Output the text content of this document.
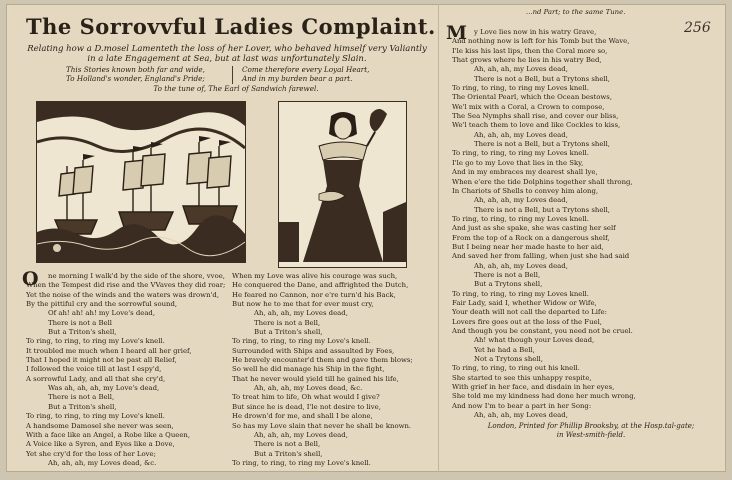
The Sorrovvful Ladies Complaint.
Relating how a D.mosel Lamenteth the loss of her Lover, who behaved himself very Valiantly in a late Engagement at Sea, but at last was unfortunately Slain.
This Stories known both far and wide,
To Holland's wonder, England's Pride;
Come therefore every Loyal Heart,
And in my burden bear a part.
To the tune of, The Earl of Sandwich farewel.
O	ne morning I walk'd by the side of the shore, vvoe,
When the Tempest did rise and the VVaves they did roar;
Yet the noise of the winds and the waters was drown'd,
By the pittiful cry and the sorrowful sound,
Of ah! ah! ah! my Love's dead,
There is not a Bell
But a Triton's shell,
To ring, to ring, to ring my Love's knell.
It troubled me much when I heard all her grief,
That I hoped it might not be past all Relief,
I followed the voice till at last I espy'd,
A sorrowful Lady, and all that she cry'd,
Was ah, ah, ah, my Love's dead,
There is not a Bell,
But a Triton's shell,
To ring, to ring, to ring my Love's knell.
A handsome Damosel she never was seen,
With a face like an Angel, a Robe like a Queen,
A Voice like a Syren, and Eyes like a Dove,
Yet she cry'd for the loss of her Love;
Ah, ah, ah, my Loves dead, &c.
When my Love was alive his courage was such,
He conquered the Dane, and affrighted the Dutch,
He feared no Cannon, nor e're turn'd his Back,
But now he to me that for ever must cry,
Ah, ah, ah, my Loves dead,
There is not a Bell,
But a Triton's shell,
To ring, to ring, to ring my Love's knell.
Surrounded with Ships and assaulted by Foes,
He bravely encounter'd them and gave them blows;
So well he did manage his Ship in the fight,
That he never would yield till he gained his life,
Ah, ah, ah, my Loves dead, &c.
To treat him to life, Oh what would I give?
But since he is dead, I'le not desire to live,
He drown'd for me, and shall I be alone,
So has my Love slain that never he shall be known.
Ah, ah, ah, my Loves dead,
There is not a Bell,
But a Triton's shell,
To ring, to ring, to ring my Love's knell.
...nd Part; to the same Tune.
256
M	y Love lies now in his watry Grave,
And nothing now is left for his Tomb but the Wave,
I'le kiss his last lips, then the Coral more so,
That grows where he lies in his watry Bed,
Ah, ah, ah, my Loves dead,
There is not a Bell, but a Trytons shell,
To ring, to ring, to ring my Loves knell.
The Oriental Pearl, which the Ocean bestows,
We'l mix with a Coral, a Crown to compose,
The Sea Nymphs shall rise, and cover our bliss,
We'l teach them to love and like Cockles to kiss,
Ah, ah, ah, my Loves dead,
There is not a Bell, but a Trytons shell,
To ring, to ring, to ring my Loves knell.
I'le go to my Love that lies in the Sky,
And in my embraces my dearest shall lye,
When e'ere the tide Dolphins together shall throng,
In Chariots of Shells to convey him along,
Ah, ah, ah, my Loves dead,
There is not a Bell, but a Trytons shell,
To ring, to ring, to ring my Loves knell.
And just as she spake, she was casting her self
From the top of a Rock on a dangerous shelf,
But I being near her made haste to her aid,
And saved her from falling, when just she had said
Ah, ah, ah, my Loves dead,
There is not a Bell,
But a Trytons shell,
To ring, to ring, to ring my Loves knell.
Fair Lady, said I, whether Widow or Wife,
Your death will not call the departed to Life:
Lovers fire goes out at the loss of the Fuel,
And though you be constant, you need not be cruel.
Ah! what though your Loves dead,
Yet he had a Bell,
Not a Trytons shell,
To ring, to ring, to ring out his knell.
She started to see this unhappy respite,
With grief in her face, and disdain in her eyes,
She told me my kindness had done her much wrong,
And now I'm to bear a part in her Song:
Ah, ah, ah, my Loves dead,
London, Printed for Phillip Brooksby, at the Hosp.tal-gate;
in West-smith-field.
